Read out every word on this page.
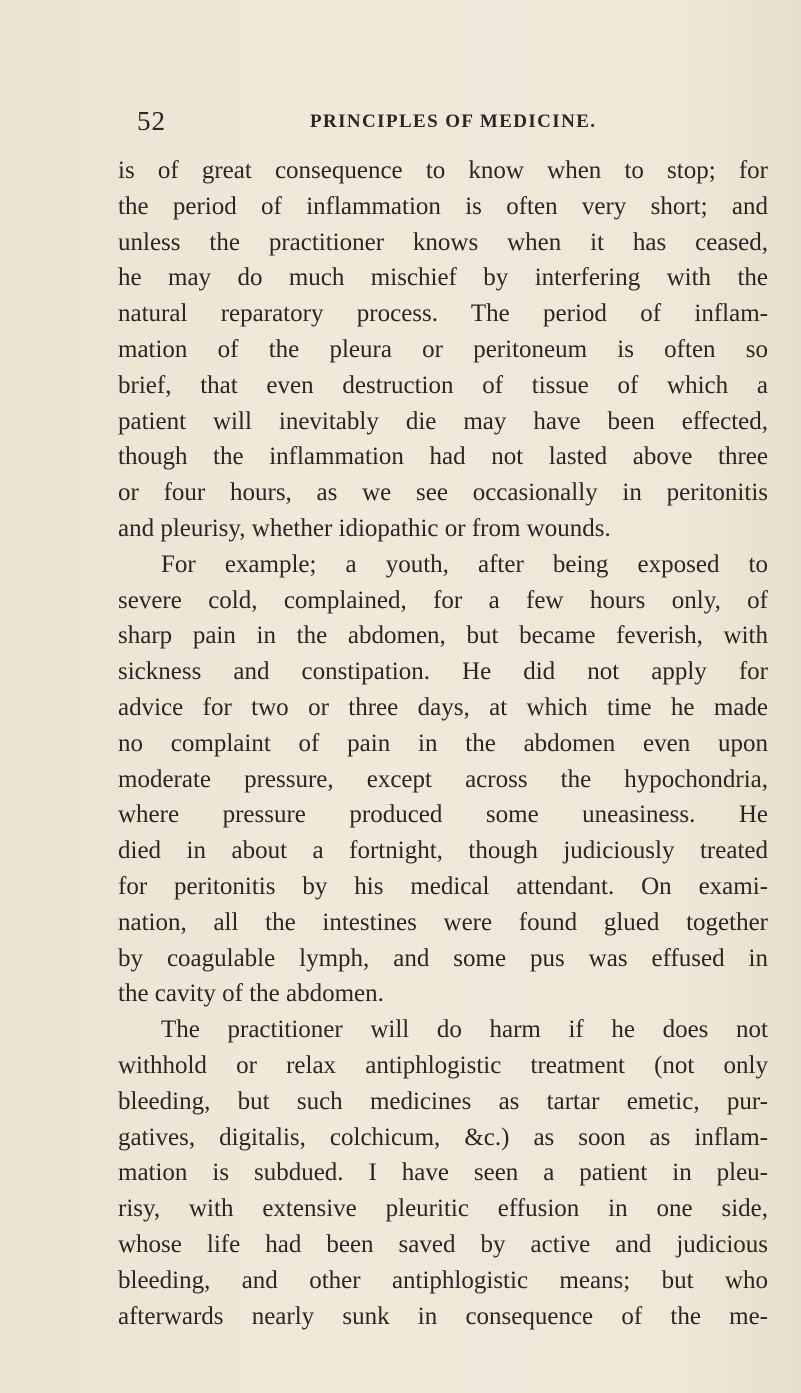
52	PRINCIPLES OF MEDICINE.
is of great consequence to know when to stop; for
the period of inflammation is often very short; and
unless the practitioner knows when it has ceased,
he may do much mischief by interfering with the
natural reparatory process. The period of inflam-
mation of the pleura or peritoneum is often so
brief, that even destruction of tissue of which a
patient will inevitably die may have been effected,
though the inflammation had not lasted above three
or four hours, as we see occasionally in peritonitis
and pleurisy, whether idiopathic or from wounds.
For example; a youth, after being exposed to
severe cold, complained, for a few hours only, of
sharp pain in the abdomen, but became feverish, with
sickness and constipation. He did not apply for
advice for two or three days, at which time he made
no complaint of pain in the abdomen even upon
moderate pressure, except across the hypochondria,
where pressure produced some uneasiness. He
died in about a fortnight, though judiciously treated
for peritonitis by his medical attendant. On exami-
nation, all the intestines were found glued together
by coagulable lymph, and some pus was effused in
the cavity of the abdomen.
The practitioner will do harm if he does not
withhold or relax antiphlogistic treatment (not only
bleeding, but such medicines as tartar emetic, pur-
gatives, digitalis, colchicum, &c.) as soon as inflam-
mation is subdued. I have seen a patient in pleu-
risy, with extensive pleuritic effusion in one side,
whose life had been saved by active and judicious
bleeding, and other antiphlogistic means; but who
afterwards nearly sunk in consequence of the me-
